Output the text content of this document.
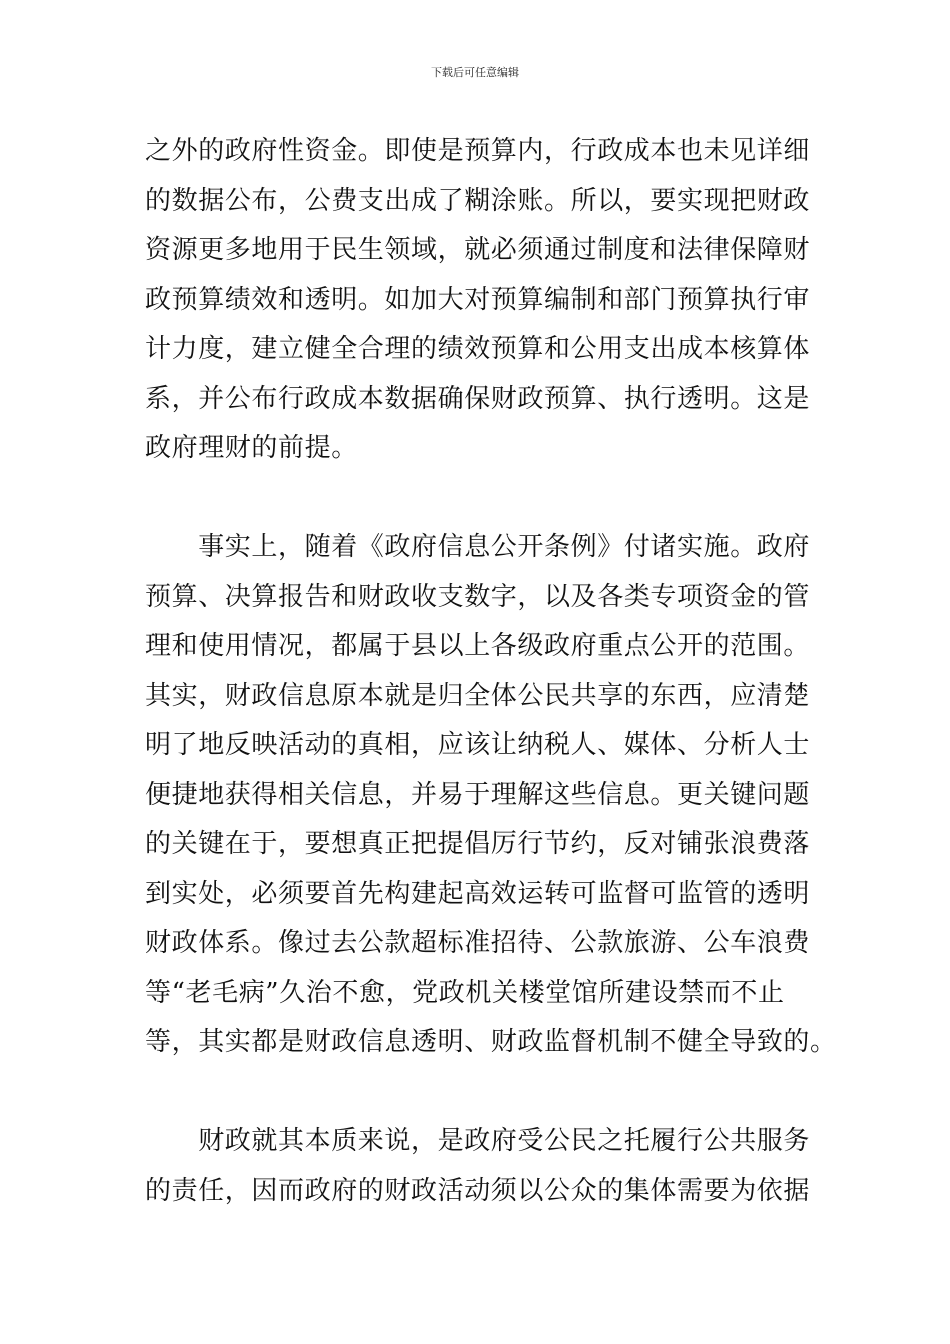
下载后可任意编辑
之外的政府性资金。即使是预算内，行政成本也未见详细
的数据公布，公费支出成了糊涂账。所以，要实现把财政
资源更多地用于民生领域，就必须通过制度和法律保障财
政预算绩效和透明。如加大对预算编制和部门预算执行审
计力度，建立健全合理的绩效预算和公用支出成本核算体
系，并公布行政成本数据确保财政预算、执行透明。这是
政府理财的前提。
　　事实上，随着《政府信息公开条例》付诸实施。政府
预算、决算报告和财政收支数字，以及各类专项资金的管
理和使用情况，都属于县以上各级政府重点公开的范围。
其实，财政信息原本就是归全体公民共享的东西，应清楚
明了地反映活动的真相，应该让纳税人、媒体、分析人士
便捷地获得相关信息，并易于理解这些信息。更关键问题
的关键在于，要想真正把提倡厉行节约，反对铺张浪费落
到实处，必须要首先构建起高效运转可监督可监管的透明
财政体系。像过去公款超标准招待、公款旅游、公车浪费
等“老毛病”久治不愈，党政机关楼堂馆所建设禁而不止
等，其实都是财政信息透明、财政监督机制不健全导致的。
　　财政就其本质来说，是政府受公民之托履行公共服务
的责任，因而政府的财政活动须以公众的集体需要为依据
